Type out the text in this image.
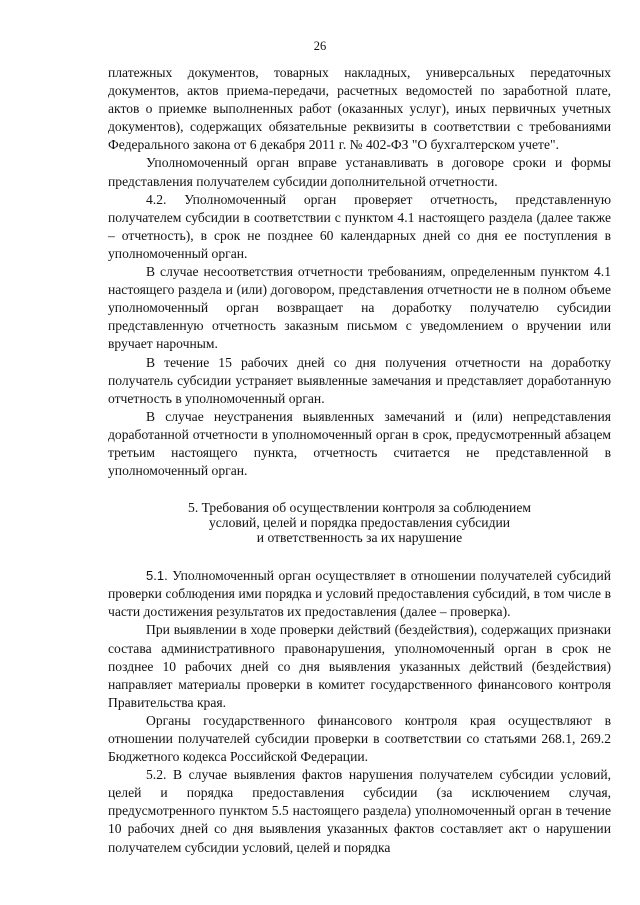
26

платежных документов, товарных накладных, универсальных передаточных документов, актов приема-передачи, расчетных ведомостей по заработной плате, актов о приемке выполненных работ (оказанных услуг), иных первичных учетных документов), содержащих обязательные реквизиты в соответствии с требованиями Федерального закона от 6 декабря 2011 г. № 402-ФЗ "О бухгалтерском учете".

Уполномоченный орган вправе устанавливать в договоре сроки и формы представления получателем субсидии дополнительной отчетности.

4.2. Уполномоченный орган проверяет отчетность, представленную получателем субсидии в соответствии с пунктом 4.1 настоящего раздела (далее также – отчетность), в срок не позднее 60 календарных дней со дня ее поступления в уполномоченный орган.

В случае несоответствия отчетности требованиям, определенным пунктом 4.1 настоящего раздела и (или) договором, представления отчетности не в полном объеме уполномоченный орган возвращает на доработку получателю субсидии представленную отчетность заказным письмом с уведомлением о вручении или вручает нарочным.

В течение 15 рабочих дней со дня получения отчетности на доработку получатель субсидии устраняет выявленные замечания и представляет доработанную отчетность в уполномоченный орган.

В случае неустранения выявленных замечаний и (или) непредставления доработанной отчетности в уполномоченный орган в срок, предусмотренный абзацем третьим настоящего пункта, отчетность считается не представленной в уполномоченный орган.

5. Требования об осуществлении контроля за соблюдением
условий, целей и порядка предоставления субсидии
и ответственность за их нарушение

5.1. Уполномоченный орган осуществляет в отношении получателей субсидий проверки соблюдения ими порядка и условий предоставления субсидий, в том числе в части достижения результатов их предоставления (далее – проверка).

При выявлении в ходе проверки действий (бездействия), содержащих признаки состава административного правонарушения, уполномоченный орган в срок не позднее 10 рабочих дней со дня выявления указанных действий (бездействия) направляет материалы проверки в комитет государственного финансового контроля Правительства края.

Органы государственного финансового контроля края осуществляют в отношении получателей субсидии проверки в соответствии со статьями 268.1, 269.2 Бюджетного кодекса Российской Федерации.

5.2. В случае выявления фактов нарушения получателем субсидии условий, целей и порядка предоставления субсидии (за исключением случая, предусмотренного пунктом 5.5 настоящего раздела) уполномоченный орган в течение 10 рабочих дней со дня выявления указанных фактов составляет акт о нарушении получателем субсидии условий, целей и порядка
